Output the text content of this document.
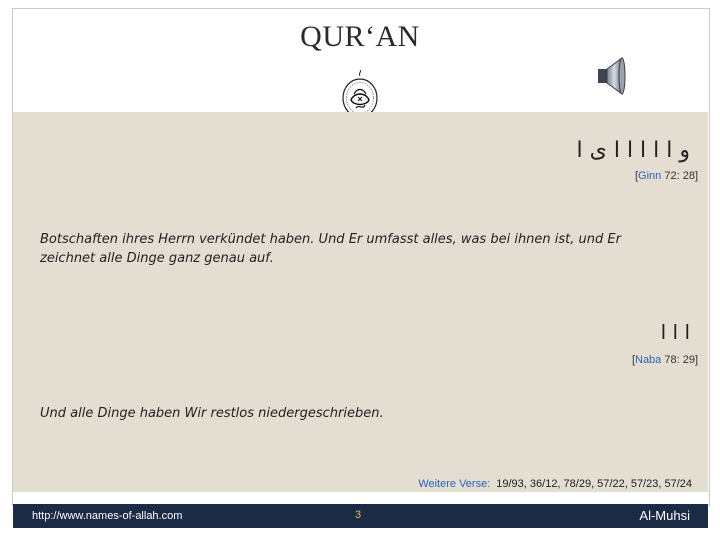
QUR‘AN
و ا ا ا ا ا ى ا
[Ginn 72: 28]
Botschaften ihres Herrn verkündet haben. Und Er umfasst alles, was bei ihnen ist, und Er zeichnet alle Dinge ganz genau auf.
ا ا ا
[Naba 78: 29]
Und alle Dinge haben Wir restlos niedergeschrieben.
Weitere Verse: 19/93, 36/12, 78/29, 57/22, 57/23, 57/24
http://www.names-of-allah.com	3	Al-Muhsi
